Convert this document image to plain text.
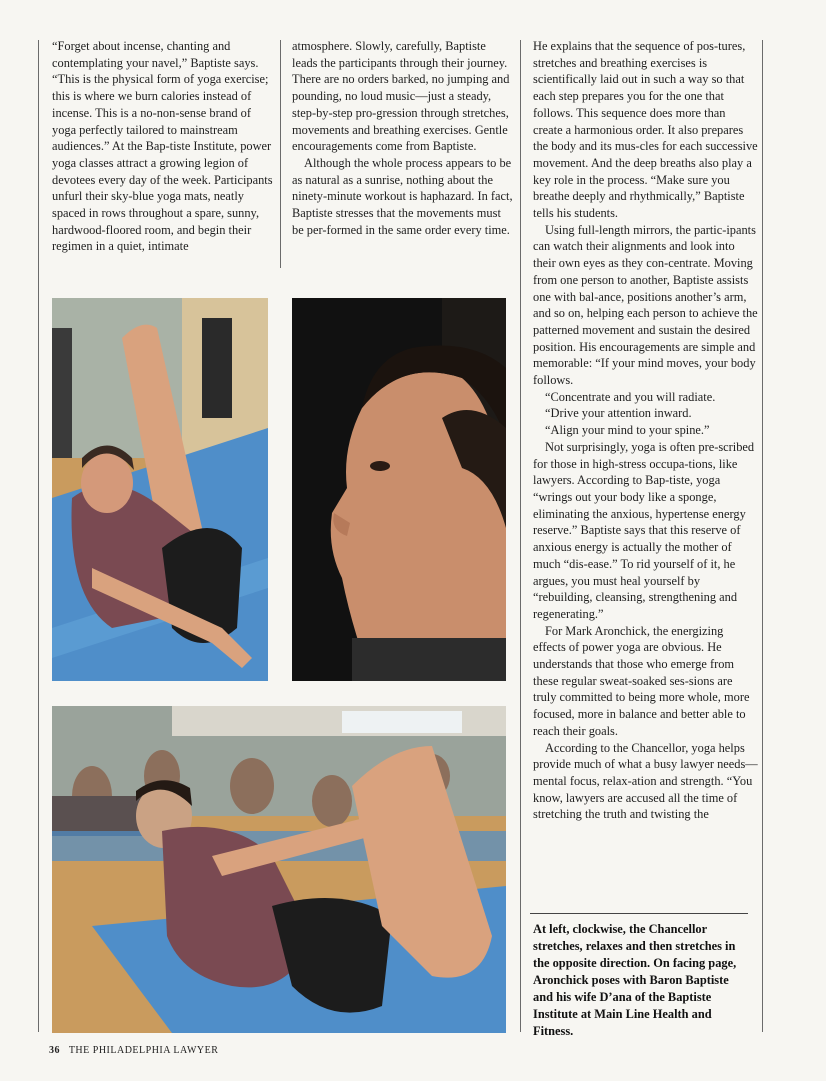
“Forget about incense, chanting and contemplating your navel,” Baptiste says. “This is the physical form of yoga exercise; this is where we burn calories instead of incense. This is a no-non-sense brand of yoga perfectly tailored to mainstream audiences.” At the Bap-tiste Institute, power yoga classes attract a growing legion of devotees every day of the week. Participants unfurl their sky-blue yoga mats, neatly spaced in rows throughout a spare, sunny, hardwood-floored room, and begin their regimen in a quiet, intimate

atmosphere. Slowly, carefully, Baptiste leads the participants through their journey. There are no orders barked, no jumping and pounding, no loud music—just a steady, step-by-step pro-gression through stretches, movements and breathing exercises. Gentle encouragements come from Baptiste.

Although the whole process appears to be as natural as a sunrise, nothing about the ninety-minute workout is haphazard. In fact, Baptiste stresses that the movements must be per-formed in the same order every time.

He explains that the sequence of pos-tures, stretches and breathing exercises is scientifically laid out in such a way so that each step prepares you for the one that follows. This sequence does more than create a harmonious order. It also prepares the body and its mus-cles for each successive movement. And the deep breaths also play a key role in the process. “Make sure you breathe deeply and rhythmically,” Baptiste tells his students.

Using full-length mirrors, the partic-ipants can watch their alignments and look into their own eyes as they con-centrate. Moving from one person to another, Baptiste assists one with bal-ance, positions another’s arm, and so on, helping each person to achieve the patterned movement and sustain the desired position. His encouragements are simple and memorable: “If your mind moves, your body follows.

“Concentrate and you will radiate.

“Drive your attention inward.

“Align your mind to your spine.”

Not surprisingly, yoga is often pre-scribed for those in high-stress occupa-tions, like lawyers. According to Bap-tiste, yoga “wrings out your body like a sponge, eliminating the anxious, hypertense energy reserve.” Baptiste says that this reserve of anxious energy is actually the mother of much “dis-ease.” To rid yourself of it, he argues, you must heal yourself by “rebuilding, cleansing, strengthening and regenerating.”

For Mark Aronchick, the energizing effects of power yoga are obvious. He understands that those who emerge from these regular sweat-soaked ses-sions are truly committed to being more whole, more focused, more in balance and better able to reach their goals.

According to the Chancellor, yoga helps provide much of what a busy lawyer needs—mental focus, relax-ation and strength. “You know, lawyers are accused all the time of stretching the truth and twisting the

At left, clockwise, the Chancellor stretches, relaxes and then stretches in the opposite direction. On facing page, Aronchick poses with Baron Baptiste and his wife D’ana of the Baptiste Institute at Main Line Health and Fitness.
36 THE PHILADELPHIA LAWYER
